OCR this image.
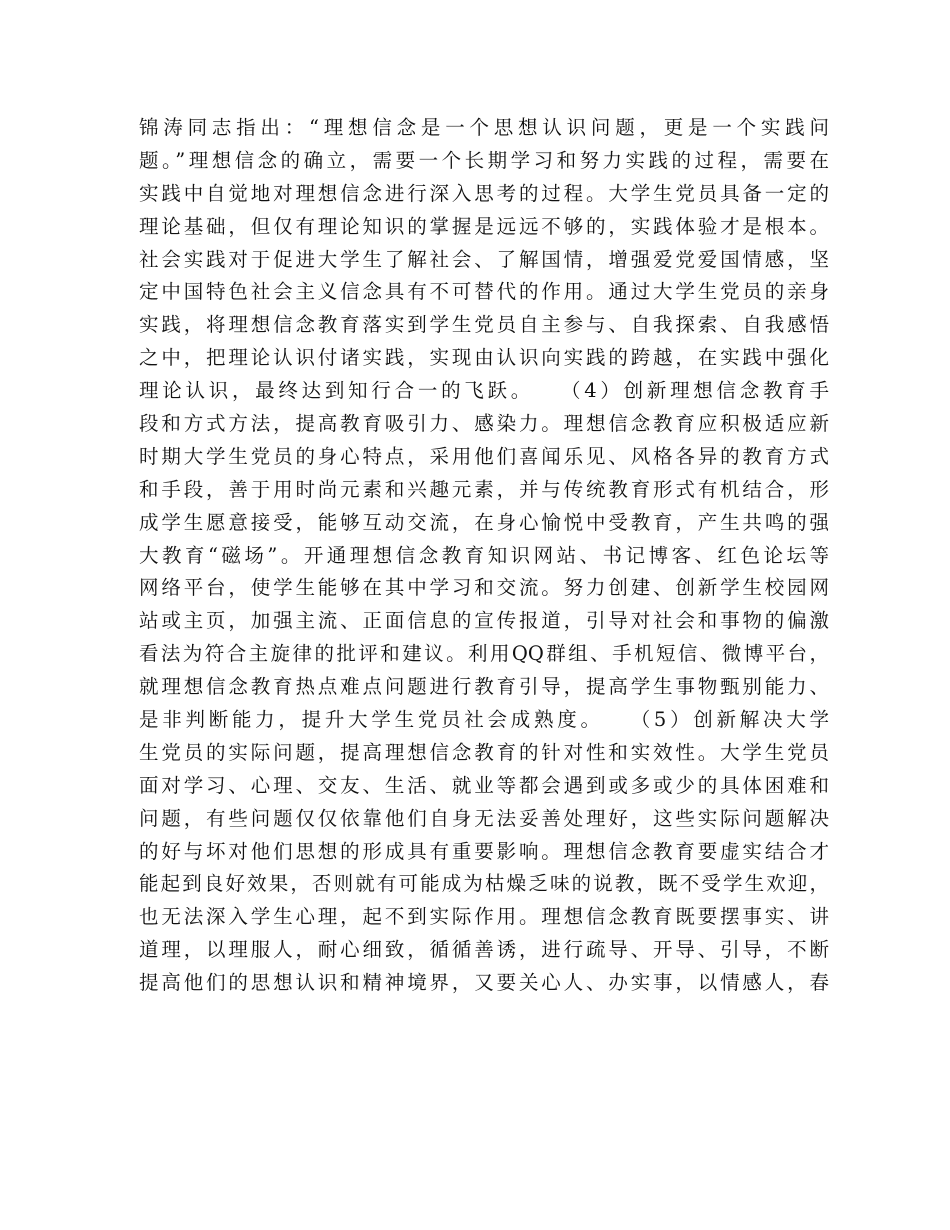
锦涛同志指出：“理想信念是一个思想认识问题，更是一个实践问
题。”理想信念的确立，需要一个长期学习和努力实践的过程，需要在
实践中自觉地对理想信念进行深入思考的过程。大学生党员具备一定的
理论基础，但仅有理论知识的掌握是远远不够的，实践体验才是根本。
社会实践对于促进大学生了解社会、了解国情，增强爱党爱国情感，坚
定中国特色社会主义信念具有不可替代的作用。通过大学生党员的亲身
实践，将理想信念教育落实到学生党员自主参与、自我探索、自我感悟
之中，把理论认识付诸实践，实现由认识向实践的跨越，在实践中强化
理论认识，最终达到知行合一的飞跃。　　（4）创新理想信念教育手
段和方式方法，提高教育吸引力、感染力。理想信念教育应积极适应新
时期大学生党员的身心特点，采用他们喜闻乐见、风格各异的教育方式
和手段，善于用时尚元素和兴趣元素，并与传统教育形式有机结合，形
成学生愿意接受，能够互动交流，在身心愉悦中受教育，产生共鸣的强
大教育“磁场”。开通理想信念教育知识网站、书记博客、红色论坛等
网络平台，使学生能够在其中学习和交流。努力创建、创新学生校园网
站或主页，加强主流、正面信息的宣传报道，引导对社会和事物的偏激
看法为符合主旋律的批评和建议。利用QQ群组、手机短信、微博平台，
就理想信念教育热点难点问题进行教育引导，提高学生事物甄别能力、
是非判断能力，提升大学生党员社会成熟度。　　（5）创新解决大学
生党员的实际问题，提高理想信念教育的针对性和实效性。大学生党员
面对学习、心理、交友、生活、就业等都会遇到或多或少的具体困难和
问题，有些问题仅仅依靠他们自身无法妥善处理好，这些实际问题解决
的好与坏对他们思想的形成具有重要影响。理想信念教育要虚实结合才
能起到良好效果，否则就有可能成为枯燥乏味的说教，既不受学生欢迎，
也无法深入学生心理，起不到实际作用。理想信念教育既要摆事实、讲
道理，以理服人，耐心细致，循循善诱，进行疏导、开导、引导，不断
提高他们的思想认识和精神境界，又要关心人、办实事，以情感人，春
